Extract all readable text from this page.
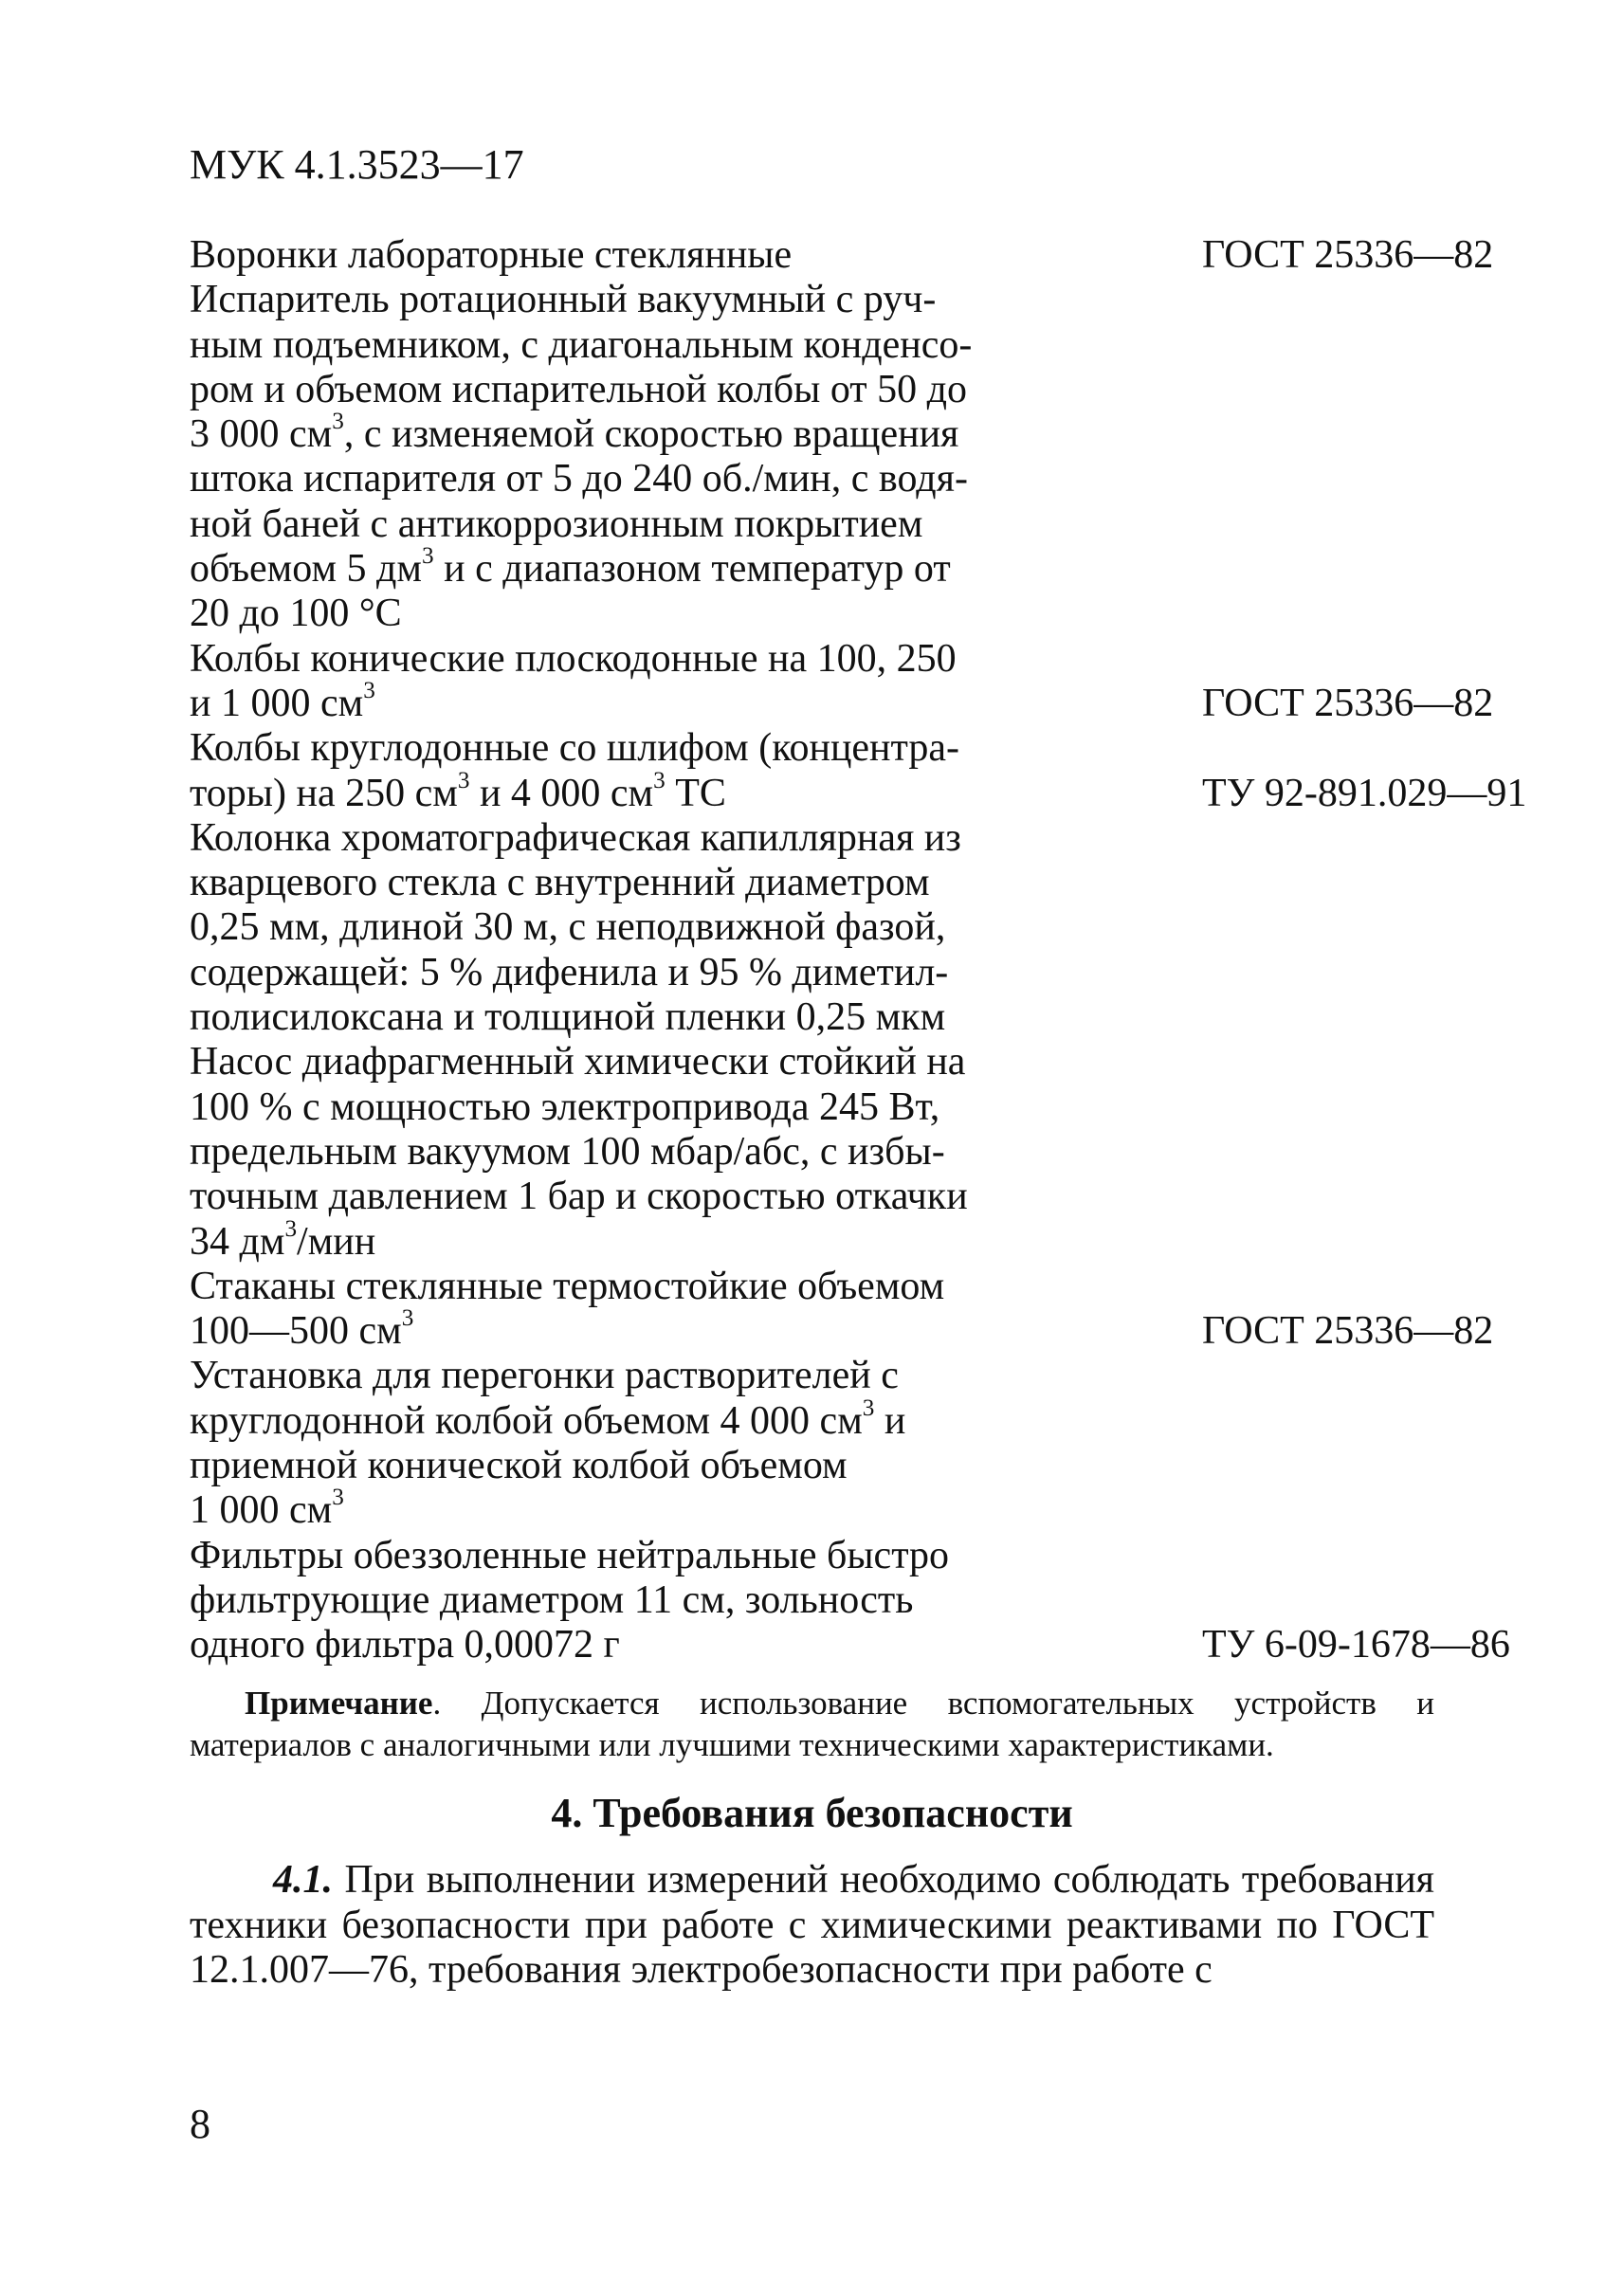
МУК 4.1.3523—17
Воронки лабораторные стеклянные	ГОСТ 25336—82
Испаритель ротационный вакуумный с руч-
ным подъемником, с диагональным конденсо-
ром и объемом испарительной колбы от 50 до
3 000 $см^3$, с изменяемой скоростью вращения
штока испарителя от 5 до 240 об./мин, с водя-
ной баней с антикоррозионным покрытием
объемом 5 $дм^3$ и с диапазоном температур от
20 до 100 °С
Колбы конические плоскодонные на 100, 250
и 1 000 $см^3$	ГОСТ 25336—82
Колбы круглодонные со шлифом (концентра-
торы) на 250 $см^3$ и 4 000 $см^3$ ТС	ТУ 92-891.029—91
Колонка хроматографическая капиллярная из
кварцевого стекла с внутренний диаметром
0,25 мм, длиной 30 м, с неподвижной фазой,
содержащей: 5 % дифенила и 95 % диметил-
полисилоксана и толщиной пленки 0,25 мкм
Насос диафрагменный химически стойкий на
100 % с мощностью электропривода 245 Вт,
предельным вакуумом 100 мбар/абс, с избы-
точным давлением 1 бар и скоростью откачки
34 $дм^3$/мин
Стаканы стеклянные термостойкие объемом
100—500 $см^3$	ГОСТ 25336—82
Установка для перегонки растворителей с
круглодонной колбой объемом 4 000 $см^3$ и
приемной конической колбой объемом
1 000 $см^3$
Фильтры обеззоленные нейтральные быстро
фильтрующие диаметром 11 см, зольность
одного фильтра 0,00072 г	ТУ 6-09-1678—86
Примечание. Допускается использование вспомогательных устройств и материалов с аналогичными или лучшими техническими характеристиками.
4. Требования безопасности
4.1. При выполнении измерений необходимо соблюдать требования техники безопасности при работе с химическими реактивами по ГОСТ 12.1.007—76, требования электробезопасности при работе с
8
